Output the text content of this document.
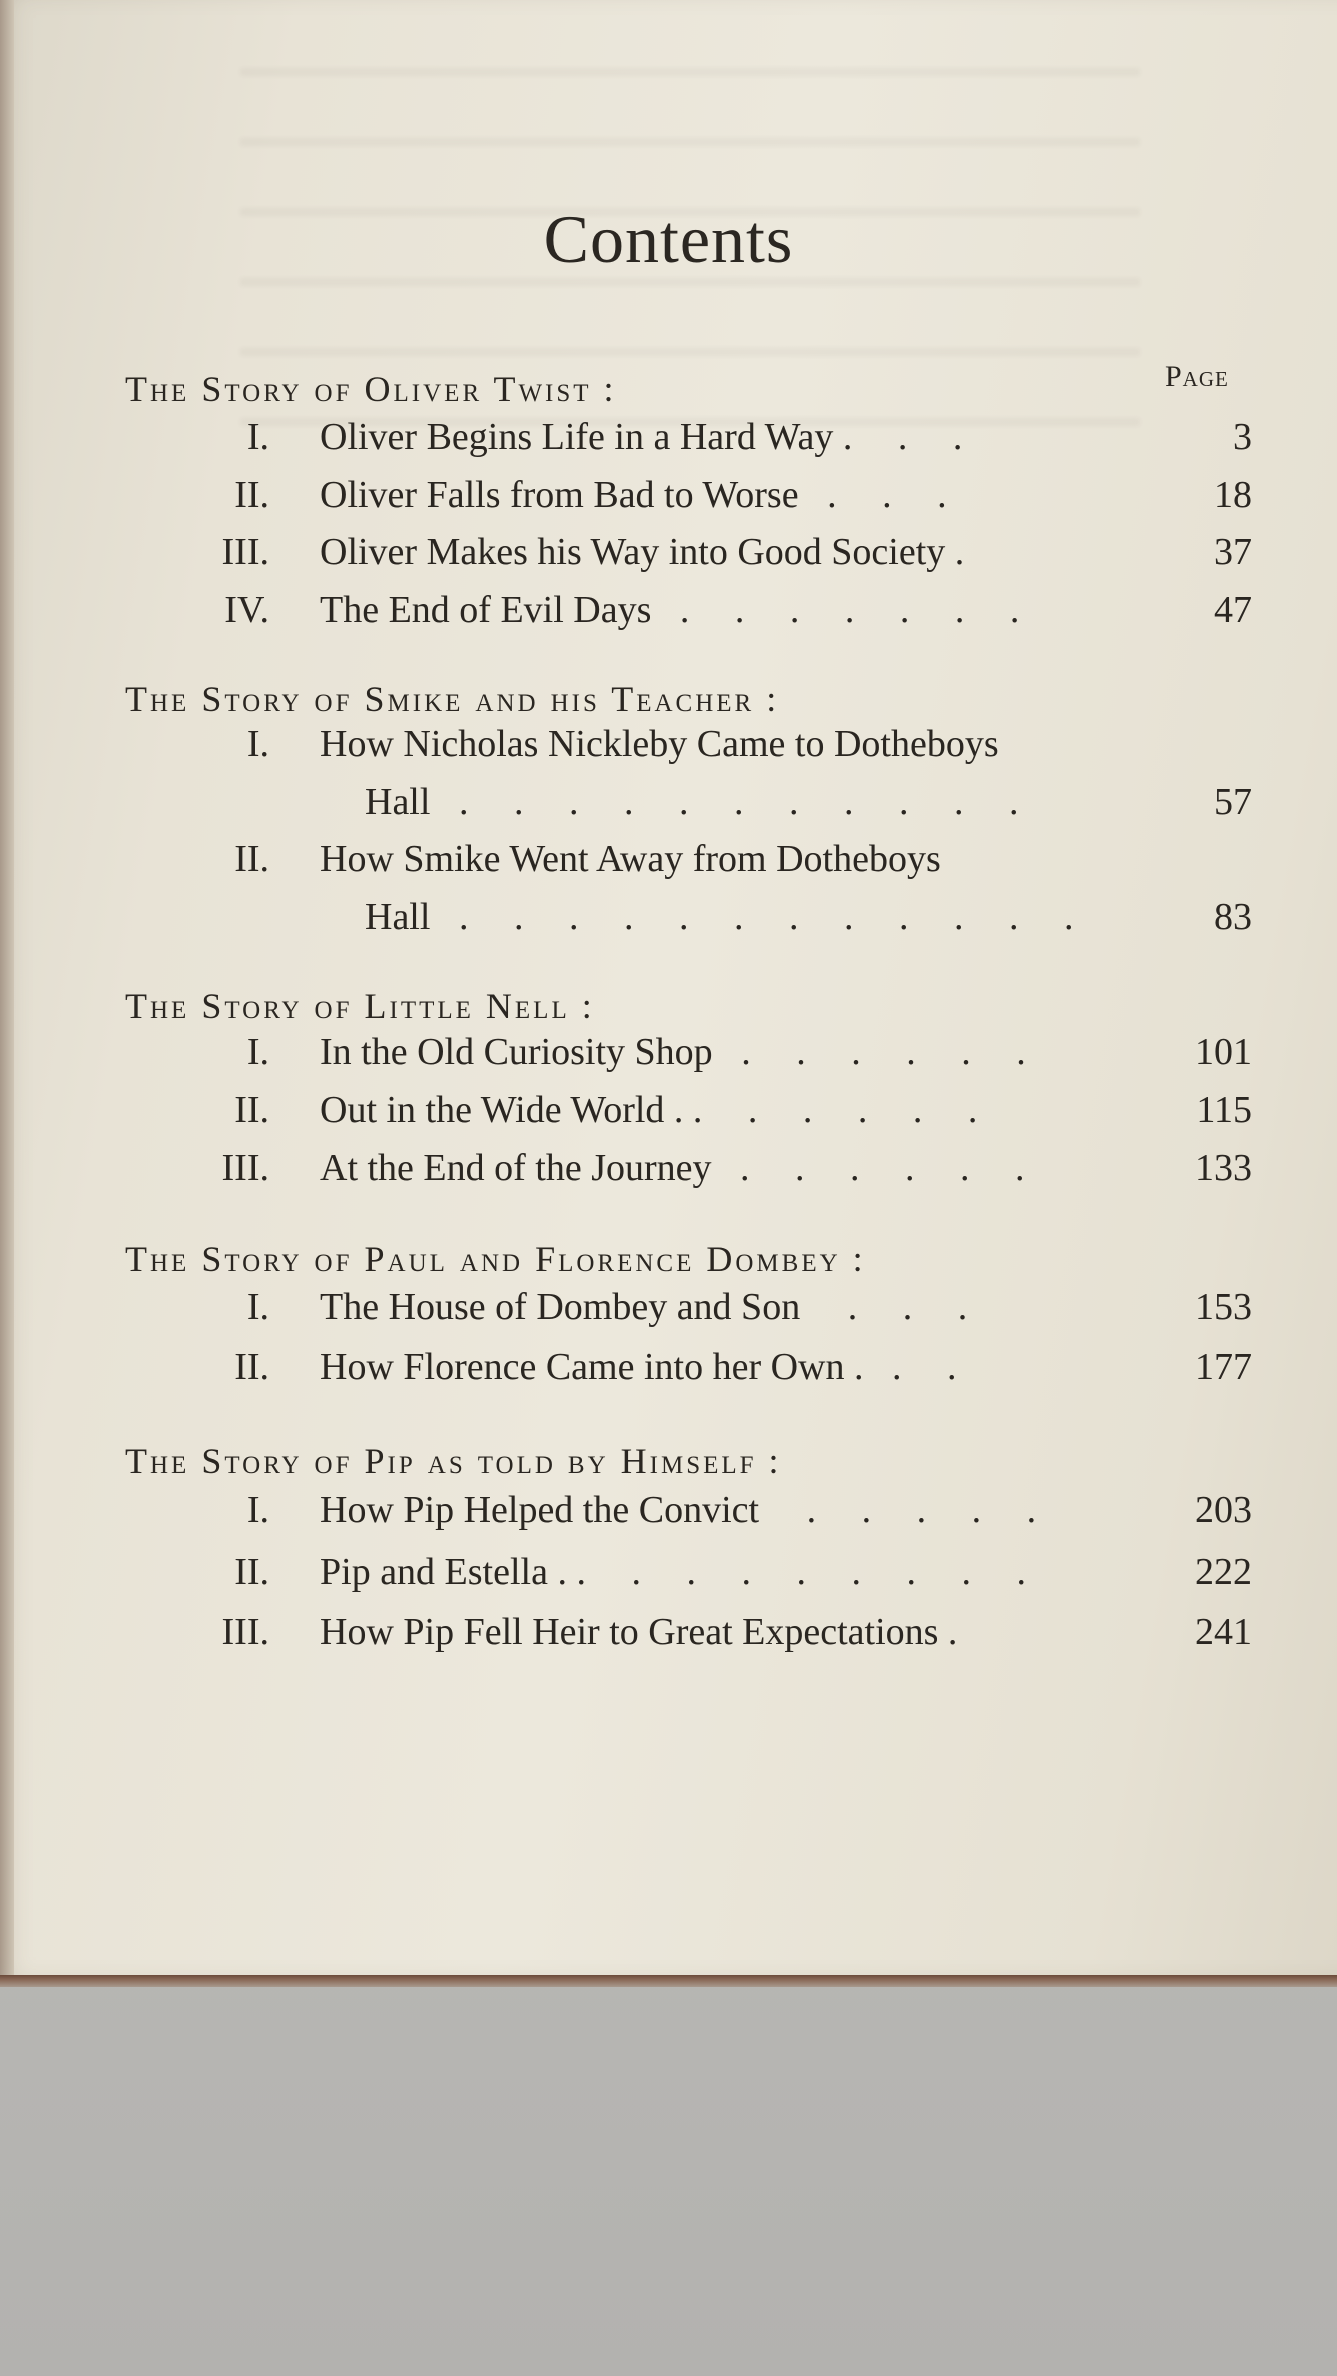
Contents
Page
The Story of Oliver Twist :
I. Oliver Begins Life in a Hard Way . . .	3
II. Oliver Falls from Bad to Worse . . .	18
III. Oliver Makes his Way into Good Society .	37
IV. The End of Evil Days . . . . . . .	47
The Story of Smike and his Teacher :
I. How Nicholas Nickleby Came to Dotheboys
Hall . . . . . . . . . . .	57
II. How Smike Went Away from Dotheboys
Hall . . . . . . . . . . . .	83
The Story of Little Nell :
I. In the Old Curiosity Shop . . . . . .	101
II. Out in the Wide World . . . . . . .	115
III. At the End of the Journey . . . . . .	133
The Story of Paul and Florence Dombey :
I. The House of Dombey and Son . . .	153
II. How Florence Came into her Own . . .	177
The Story of Pip as told by Himself :
I. How Pip Helped the Convict . . . . .	203
II. Pip and Estella . . . . . . . . . .	222
III. How Pip Fell Heir to Great Expectations .	241
